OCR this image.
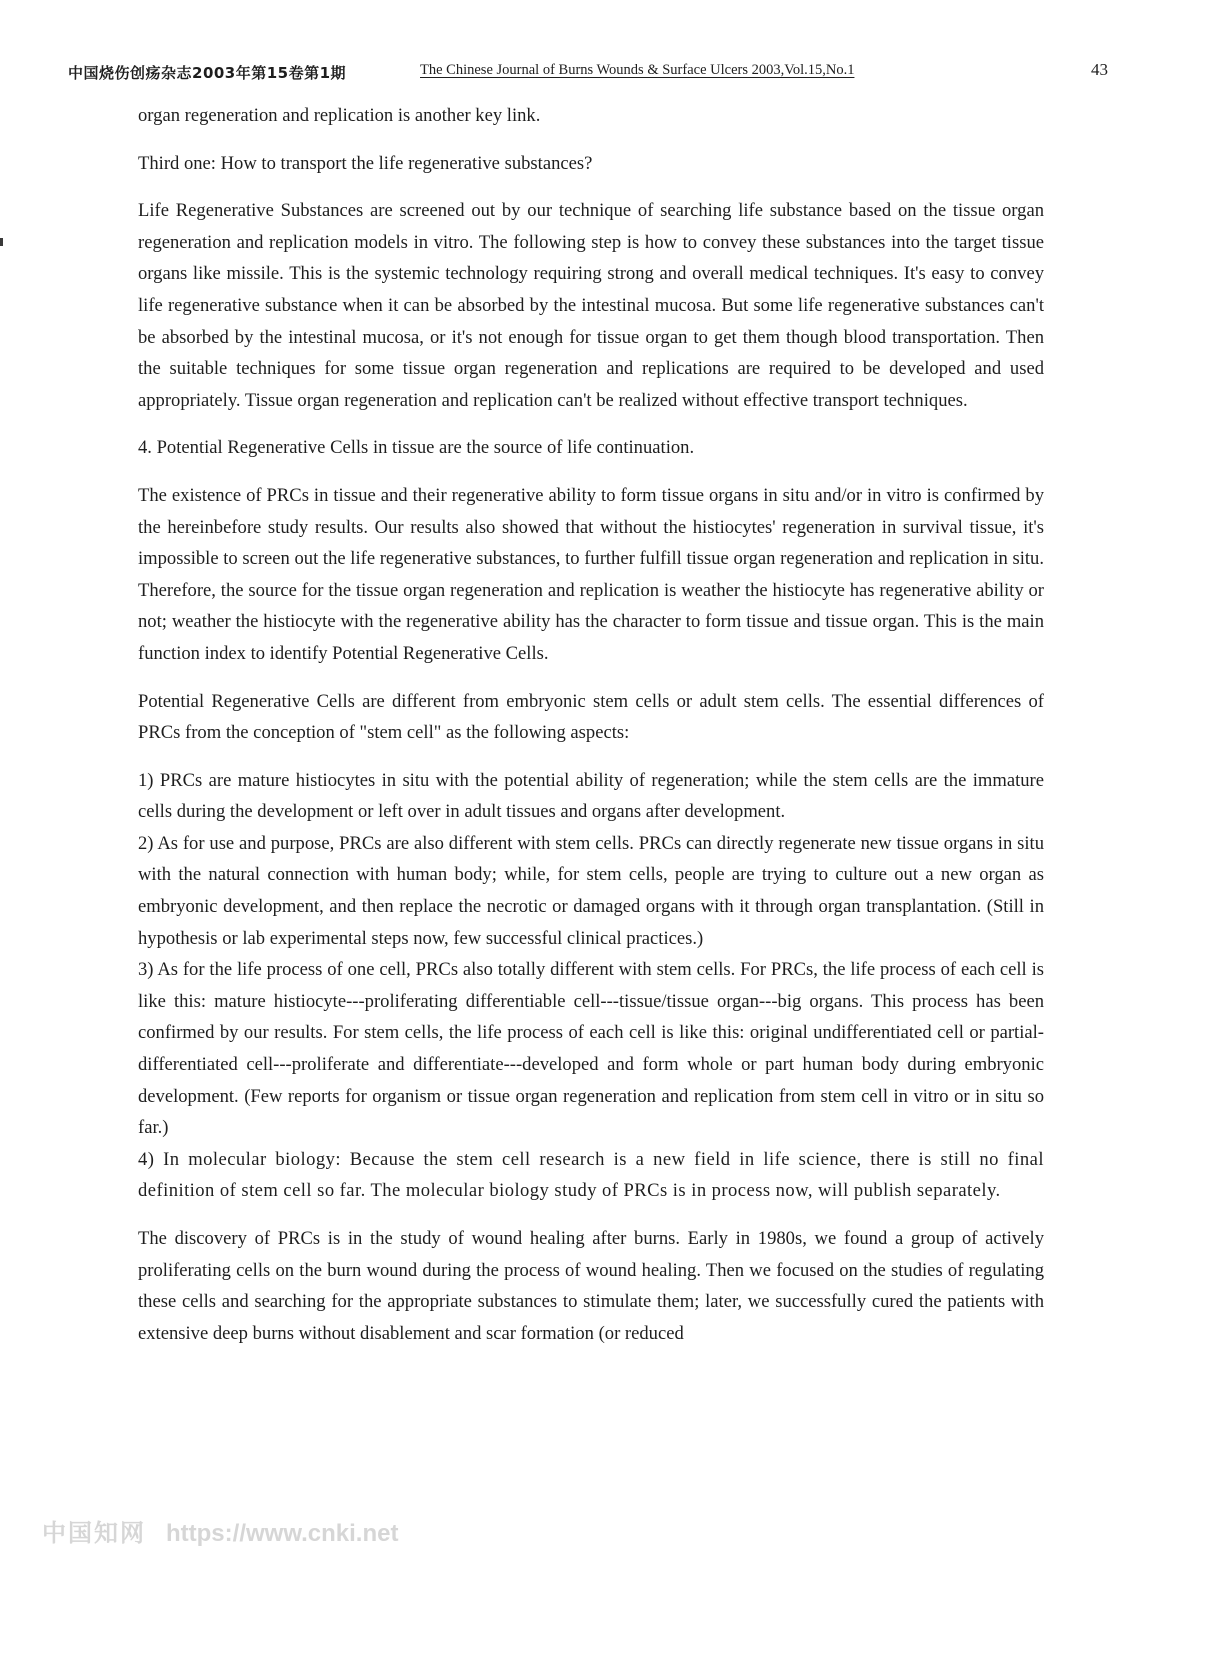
中国烧伤创疡杂志2003年第15卷第1期	The Chinese Journal of Burns Wounds & Surface Ulcers 2003,Vol.15,No.1	43

organ regeneration and replication is another key link.

Third one: How to transport the life regenerative substances?

Life Regenerative Substances are screened out by our technique of searching life substance based on the tissue organ regeneration and replication models in vitro. The following step is how to convey these substances into the target tissue organs like missile. This is the systemic technology requiring strong and overall medical techniques. It's easy to convey life regenerative substance when it can be absorbed by the intestinal mucosa. But some life regenerative substances can't be absorbed by the intestinal mucosa, or it's not enough for tissue organ to get them though blood transportation. Then the suitable techniques for some tissue organ regeneration and replications are required to be developed and used appropriately. Tissue organ regeneration and replication can't be realized without effective transport techniques.

4. Potential Regenerative Cells in tissue are the source of life continuation.

The existence of PRCs in tissue and their regenerative ability to form tissue organs in situ and/or in vitro is confirmed by the hereinbefore study results. Our results also showed that without the histiocytes' regeneration in survival tissue, it's impossible to screen out the life regenerative substances, to further fulfill tissue organ regeneration and replication in situ. Therefore, the source for the tissue organ regeneration and replication is weather the histiocyte has regenerative ability or not; weather the histiocyte with the regenerative ability has the character to form tissue and tissue organ. This is the main function index to identify Potential Regenerative Cells.

Potential Regenerative Cells are different from embryonic stem cells or adult stem cells. The essential differences of PRCs from the conception of "stem cell" as the following aspects:

1) PRCs are mature histiocytes in situ with the potential ability of regeneration; while the stem cells are the immature cells during the development or left over in adult tissues and organs after development.

2) As for use and purpose, PRCs are also different with stem cells. PRCs can directly regenerate new tissue organs in situ with the natural connection with human body; while, for stem cells, people are trying to culture out a new organ as embryonic development, and then replace the necrotic or damaged organs with it through organ transplantation. (Still in hypothesis or lab experimental steps now, few successful clinical practices.)

3) As for the life process of one cell, PRCs also totally different with stem cells. For PRCs, the life process of each cell is like this: mature histiocyte---proliferating differentiable cell---tissue/tissue organ---big organs. This process has been confirmed by our results. For stem cells, the life process of each cell is like this: original undifferentiated cell or partial-differentiated cell---proliferate and differentiate---developed and form whole or part human body during embryonic development. (Few reports for organism or tissue organ regeneration and replication from stem cell in vitro or in situ so far.)

4) In molecular biology: Because the stem cell research is a new field in life science, there is still no final definition of stem cell so far. The molecular biology study of PRCs is in process now, will publish separately.

The discovery of PRCs is in the study of wound healing after burns. Early in 1980s, we found a group of actively proliferating cells on the burn wound during the process of wound healing. Then we focused on the studies of regulating these cells and searching for the appropriate substances to stimulate them; later, we successfully cured the patients with extensive deep burns without disablement and scar formation (or reduced

中国知网 https://www.cnki.net
